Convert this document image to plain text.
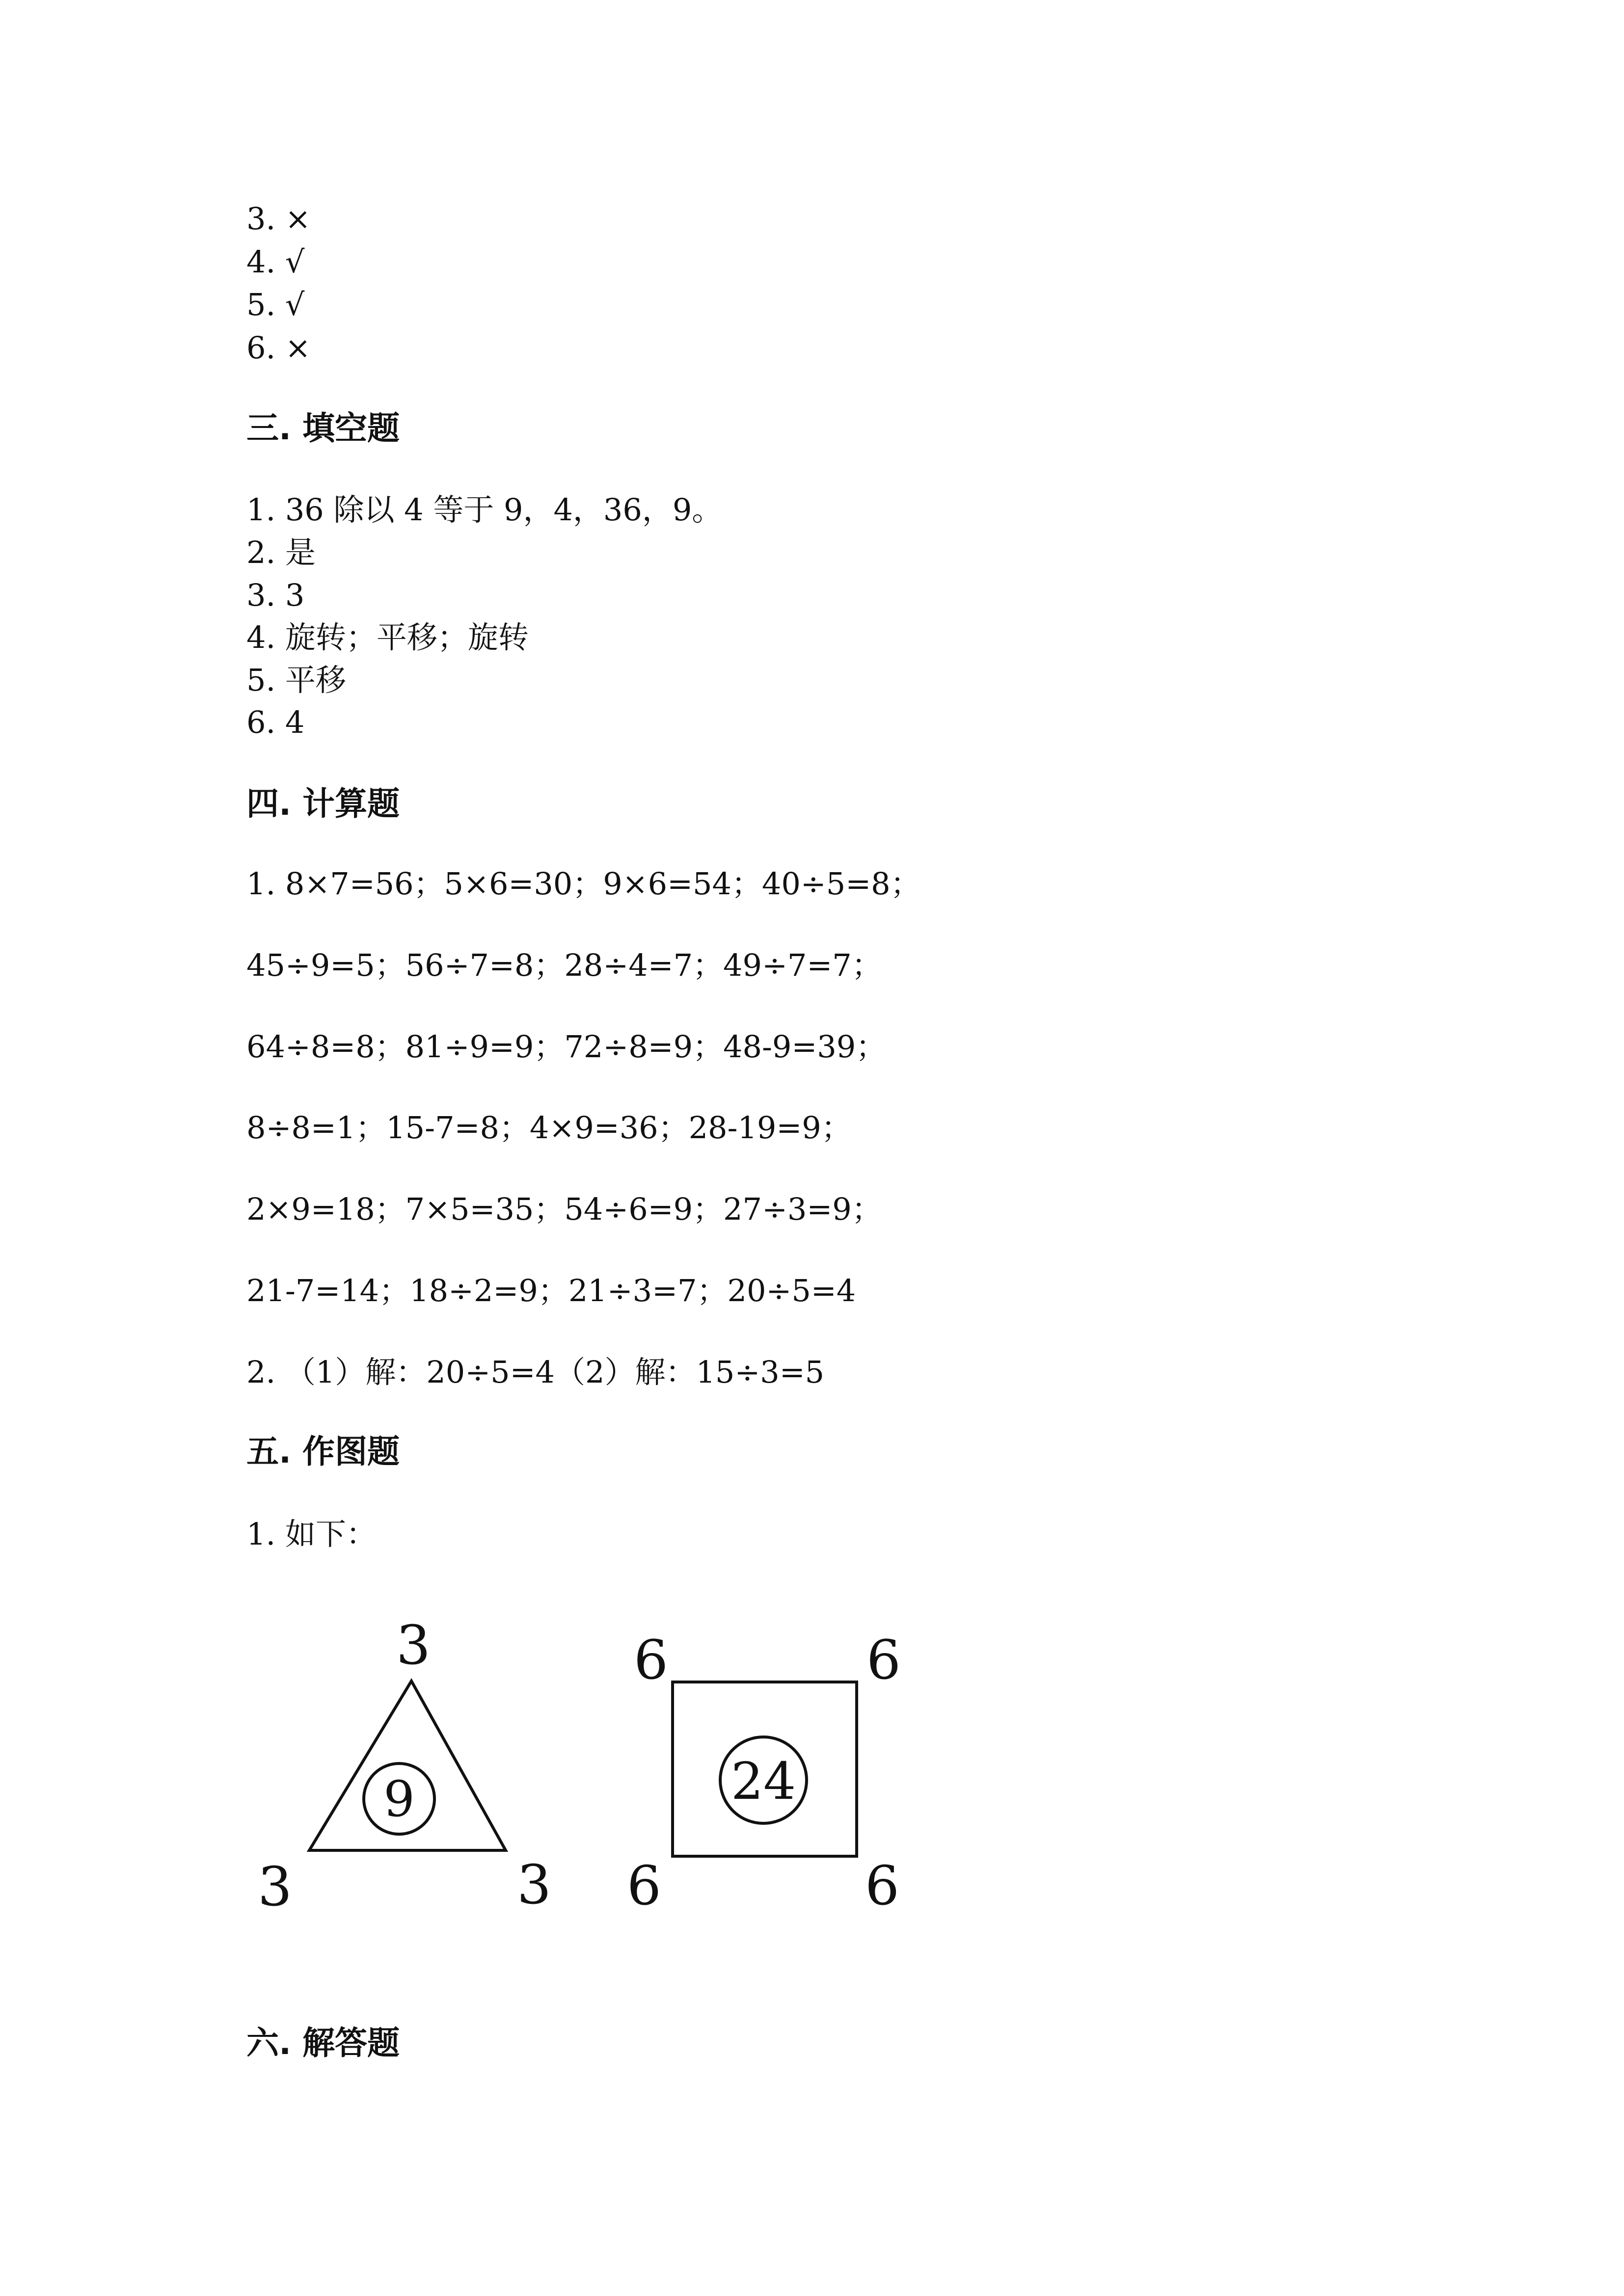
3. ×
4. √
5. √
6. ×
三. 填空题
1. 36 除以 4 等于 9，4，36，9。
2. 是
3. 3
4. 旋转；平移；旋转
5. 平移
6. 4
四. 计算题
1. 8×7=56；5×6=30；9×6=54；40÷5=8；
45÷9=5；56÷7=8；28÷4=7；49÷7=7；
64÷8=8；81÷9=9；72÷8=9；48-9=39；
8÷8=1；15-7=8；4×9=36；28-19=9；
2×9=18；7×5=35；54÷6=9；27÷3=9；
21-7=14；18÷2=9；21÷3=7；20÷5=4
2. （1）解：20÷5=4（2）解：15÷3=5
五. 作图题
1. 如下：
9
3
3	3
24
6	6
6	6
六. 解答题
